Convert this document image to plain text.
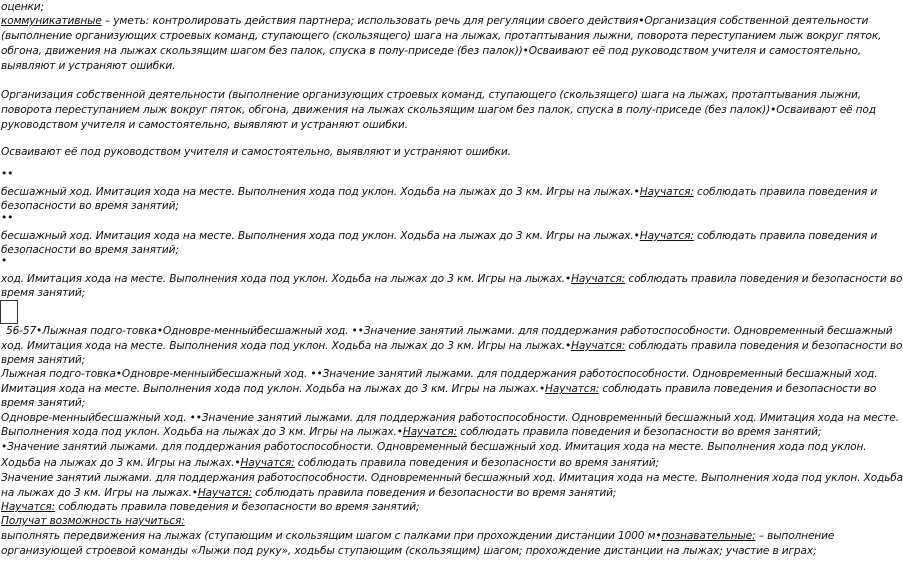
оценки;
коммуникативные – уметь: контролировать действия партнера; использовать речь для регуляции своего действия•Организация собственной деятельности
(выполнение организующих строевых команд, ступающего (скользящего) шага на лыжах, протаптывания лыжни, поворота переступанием лыж вокруг пяток,
обгона, движения на лыжах скользящим шагом без палок, спуска в полу-приседе (без палок))•Осваивают её под руководством учителя и самостоятельно,
выявляют и устраняют ошибки.
Организация собственной деятельности (выполнение организующих строевых команд, ступающего (скользящего) шага на лыжах, протаптывания лыжни,
поворота переступанием лыж вокруг пяток, обгона, движения на лыжах скользящим шагом без палок, спуска в полу-приседе (без палок))•Осваивают её под
руководством учителя и самостоятельно, выявляют и устраняют ошибки.
Осваивают её под руководством учителя и самостоятельно, выявляют и устраняют ошибки.
••
бесшажный ход. Имитация хода на месте. Выполнения хода под уклон. Ходьба на лыжах до 3 км. Игры на лыжах.•Научатся: соблюдать правила поведения и
безопасности во время занятий;
••
бесшажный ход. Имитация хода на месте. Выполнения хода под уклон. Ходьба на лыжах до 3 км. Игры на лыжах.•Научатся: соблюдать правила поведения и
безопасности во время занятий;
•
ход. Имитация хода на месте. Выполнения хода под уклон. Ходьба на лыжах до 3 км. Игры на лыжах.•Научатся: соблюдать правила поведения и безопасности во
время занятий;
56-57•Лыжная подго-товка•Одновре-менныйбесшажный ход. ••Значение занятий лыжами. для поддержания работоспособности. Одновременный бесшажный
ход. Имитация хода на месте. Выполнения хода под уклон. Ходьба на лыжах до 3 км. Игры на лыжах.•Научатся: соблюдать правила поведения и безопасности во
время занятий;
Лыжная подго-товка•Одновре-менныйбесшажный ход. ••Значение занятий лыжами. для поддержания работоспособности. Одновременный бесшажный ход.
Имитация хода на месте. Выполнения хода под уклон. Ходьба на лыжах до 3 км. Игры на лыжах.•Научатся: соблюдать правила поведения и безопасности во
время занятий;
Одновре-менныйбесшажный ход. ••Значение занятий лыжами. для поддержания работоспособности. Одновременный бесшажный ход. Имитация хода на месте.
Выполнения хода под уклон. Ходьба на лыжах до 3 км. Игры на лыжах.•Научатся: соблюдать правила поведения и безопасности во время занятий;
•Значение занятий лыжами. для поддержания работоспособности. Одновременный бесшажный ход. Имитация хода на месте. Выполнения хода под уклон.
Ходьба на лыжах до 3 км. Игры на лыжах.•Научатся: соблюдать правила поведения и безопасности во время занятий;
Значение занятий лыжами. для поддержания работоспособности. Одновременный бесшажный ход. Имитация хода на месте. Выполнения хода под уклон. Ходьба
на лыжах до 3 км. Игры на лыжах.•Научатся: соблюдать правила поведения и безопасности во время занятий;
Научатся: соблюдать правила поведения и безопасности во время занятий;
Получат возможность научиться:
выполнять передвижения на лыжах (ступающим и скользящим шагом с палками при прохождении дистанции 1000 м•познавательные: – выполнение
организующей строевой команды «Лыжи под руку», ходьбы ступающим (скользящим) шагом; прохождение дистанции на лыжах; участие в играх;
